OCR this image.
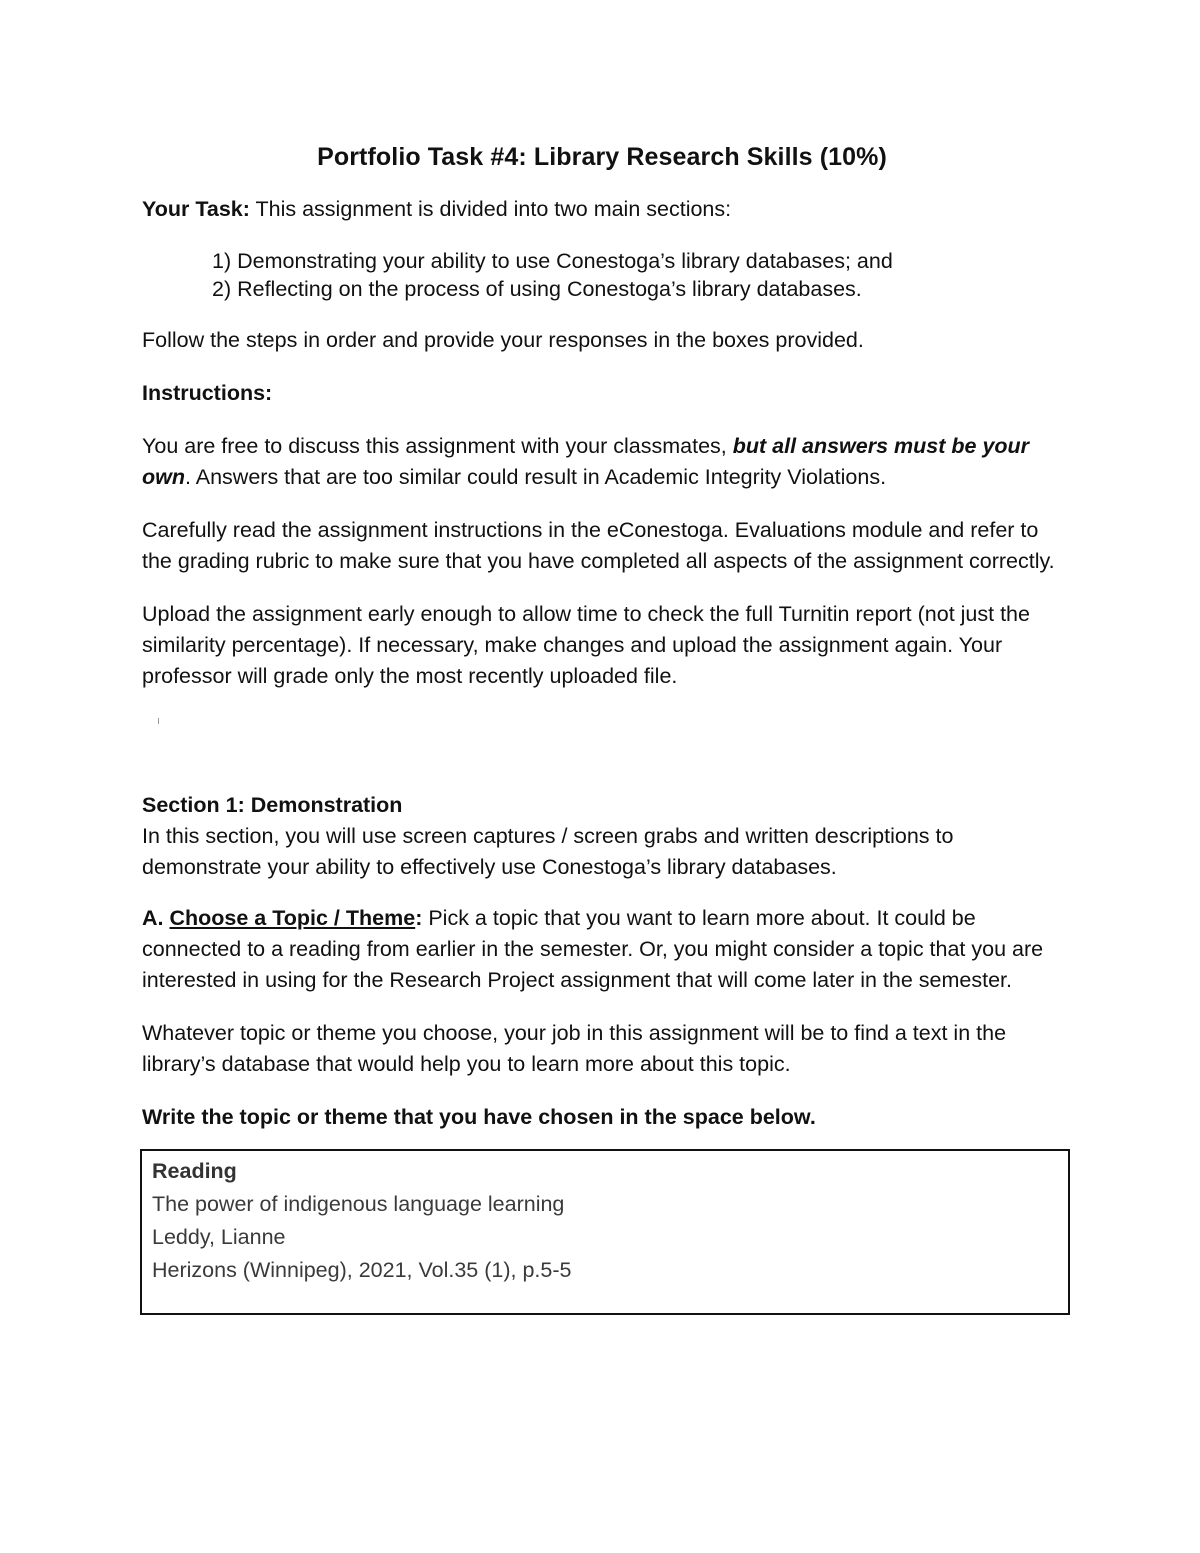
Portfolio Task #4: Library Research Skills (10%)

Your Task: This assignment is divided into two main sections:

1) Demonstrating your ability to use Conestoga’s library databases; and
2) Reflecting on the process of using Conestoga’s library databases.

Follow the steps in order and provide your responses in the boxes provided.

Instructions:

You are free to discuss this assignment with your classmates, but all answers must be your own. Answers that are too similar could result in Academic Integrity Violations.

Carefully read the assignment instructions in the eConestoga. Evaluations module and refer to the grading rubric to make sure that you have completed all aspects of the assignment correctly.

Upload the assignment early enough to allow time to check the full Turnitin report (not just the similarity percentage). If necessary, make changes and upload the assignment again. Your professor will grade only the most recently uploaded file.

Section 1: Demonstration

In this section, you will use screen captures / screen grabs and written descriptions to demonstrate your ability to effectively use Conestoga’s library databases.

A. Choose a Topic / Theme: Pick a topic that you want to learn more about. It could be connected to a reading from earlier in the semester. Or, you might consider a topic that you are interested in using for the Research Project assignment that will come later in the semester.

Whatever topic or theme you choose, your job in this assignment will be to find a text in the library’s database that would help you to learn more about this topic.

Write the topic or theme that you have chosen in the space below.

Reading
The power of indigenous language learning
Leddy, Lianne
Herizons (Winnipeg), 2021, Vol.35 (1), p.5-5
